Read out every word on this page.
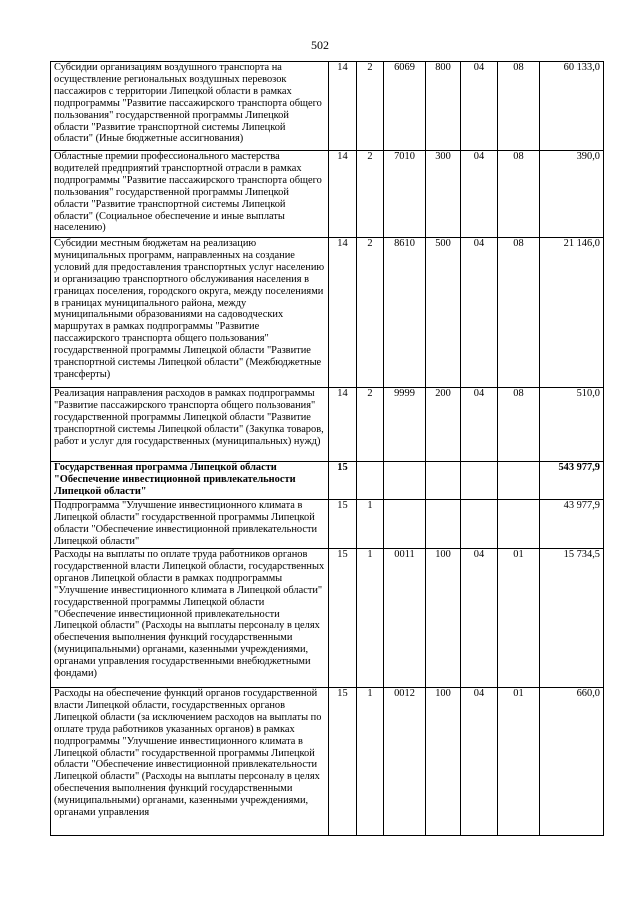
502
Субсидии организациям воздушного транспорта на осуществление региональных воздушных перевозок пассажиров с территории Липецкой области в рамках подпрограммы "Развитие пассажирского транспорта общего пользования" государственной программы Липецкой области "Развитие транспортной системы Липецкой области" (Иные бюджетные ассигнования)	14	2	6069	800	04	08	60 133,0
Областные премии профессионального мастерства водителей предприятий транспортной отрасли в рамках подпрограммы "Развитие пассажирского транспорта общего пользования" государственной программы Липецкой области "Развитие транспортной системы Липецкой области" (Социальное обеспечение и иные выплаты населению)	14	2	7010	300	04	08	390,0
Субсидии местным бюджетам на реализацию муниципальных программ, направленных на создание условий для предоставления транспортных услуг населению и организацию транспортного обслуживания населения в границах поселения, городского округа, между поселениями в границах муниципального района, между муниципальными образованиями на садоводческих маршрутах в рамках подпрограммы "Развитие пассажирского транспорта общего пользования" государственной программы Липецкой области "Развитие транспортной системы Липецкой области" (Межбюджетные трансферты)	14	2	8610	500	04	08	21 146,0
Реализация направления расходов в рамках подпрограммы "Развитие пассажирского транспорта общего пользования" государственной программы Липецкой области "Развитие транспортной системы Липецкой области" (Закупка товаров, работ и услуг для государственных (муниципальных) нужд)	14	2	9999	200	04	08	510,0
Государственная программа Липецкой области "Обеспечение инвестиционной привлекательности Липецкой области"	15						543 977,9
Подпрограмма "Улучшение инвестиционного климата в Липецкой области" государственной программы Липецкой области "Обеспечение инвестиционной привлекательности Липецкой области"	15	1					43 977,9
Расходы на выплаты по оплате труда работников органов государственной власти Липецкой области, государственных органов Липецкой области в рамках подпрограммы "Улучшение инвестиционного климата в Липецкой области" государственной программы Липецкой области "Обеспечение инвестиционной привлекательности Липецкой области" (Расходы на выплаты персоналу в целях обеспечения выполнения функций государственными (муниципальными) органами, казенными учреждениями, органами управления государственными внебюджетными фондами)	15	1	0011	100	04	01	15 734,5
Расходы на обеспечение функций органов государственной власти Липецкой области, государственных органов Липецкой области (за исключением расходов на выплаты по оплате труда работников указанных органов) в рамках подпрограммы "Улучшение инвестиционного климата в Липецкой области" государственной программы Липецкой области "Обеспечение инвестиционной привлекательности Липецкой области" (Расходы на выплаты персоналу в целях обеспечения выполнения функций государственными (муниципальными) органами, казенными учреждениями, органами управления	15	1	0012	100	04	01	660,0
